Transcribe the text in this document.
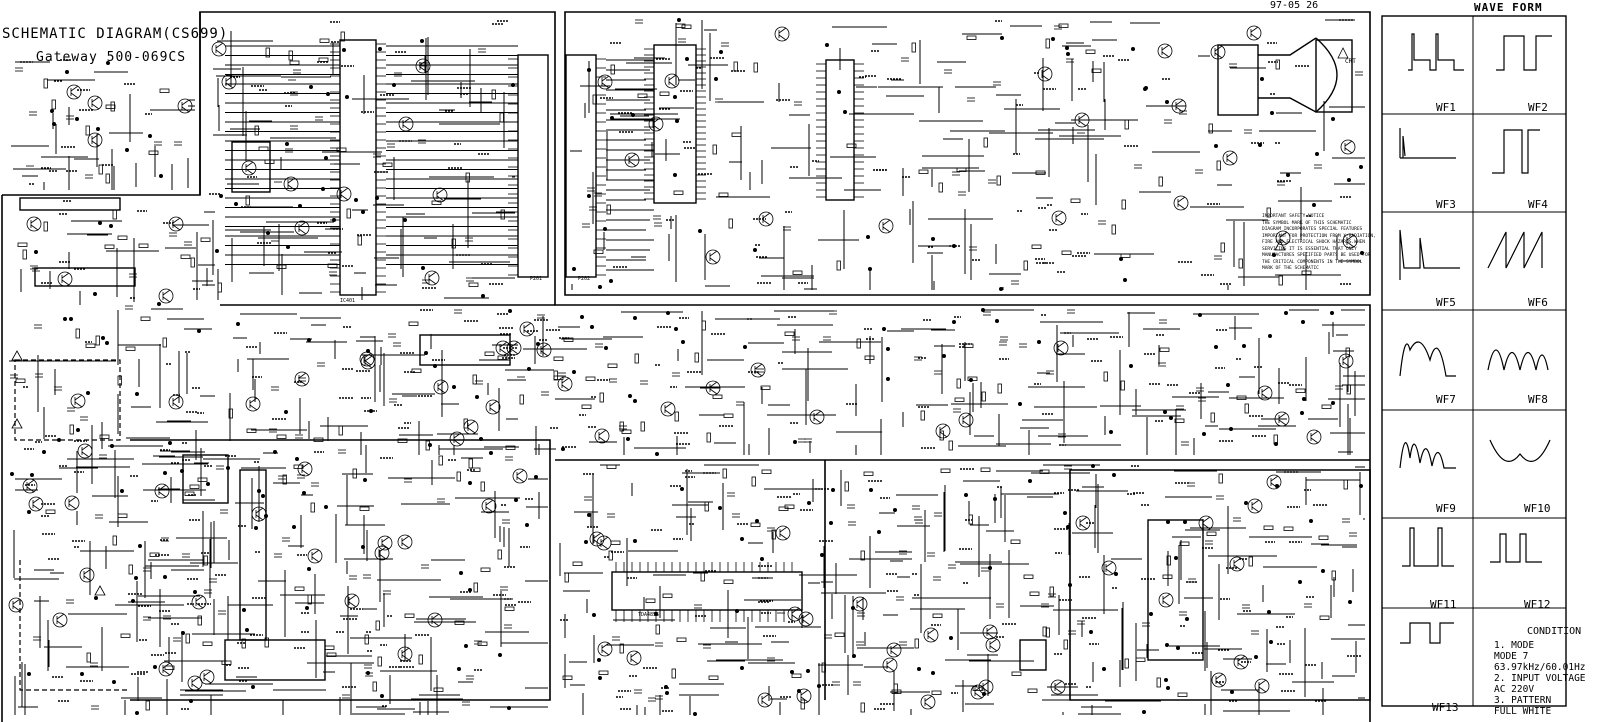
SCHEMATIC DIAGRAM(CS699)
Gateway 500-069CS
97-05 26	WAVE FORM
WF1	WF2
WF3	WF4
WF5	WF6
WF7	WF8
WF9	WF10
WF11	WF12
WF13
CONDITION
1. MODE
MODE 7
63.97kHz/60.01Hz
2. INPUT VOLTAGE
AC 220V
3. PATTERN
FULL WHITE
IMPORTANT SAFETY NOTICE
THE SYMBOL MARK OF THIS SCHEMATIC
DIAGRAM INCORPORATES SPECIAL FEATURES
IMPORTANT FOR PROTECTION FROM X-RADIATION,
FIRE AND ELECTRICAL SHOCK HAZARDS.WHEN
SERVICING IT IS ESSENTIAL THAT ONLY
MANUFACTURES SPECIFIED PARTS BE USED FOR
THE CRITICAL COMPONENTS IN THE SYMBOL
MARK OF THE SCHEMATIC
IC401
CRT
TDA4856
P201	P202
